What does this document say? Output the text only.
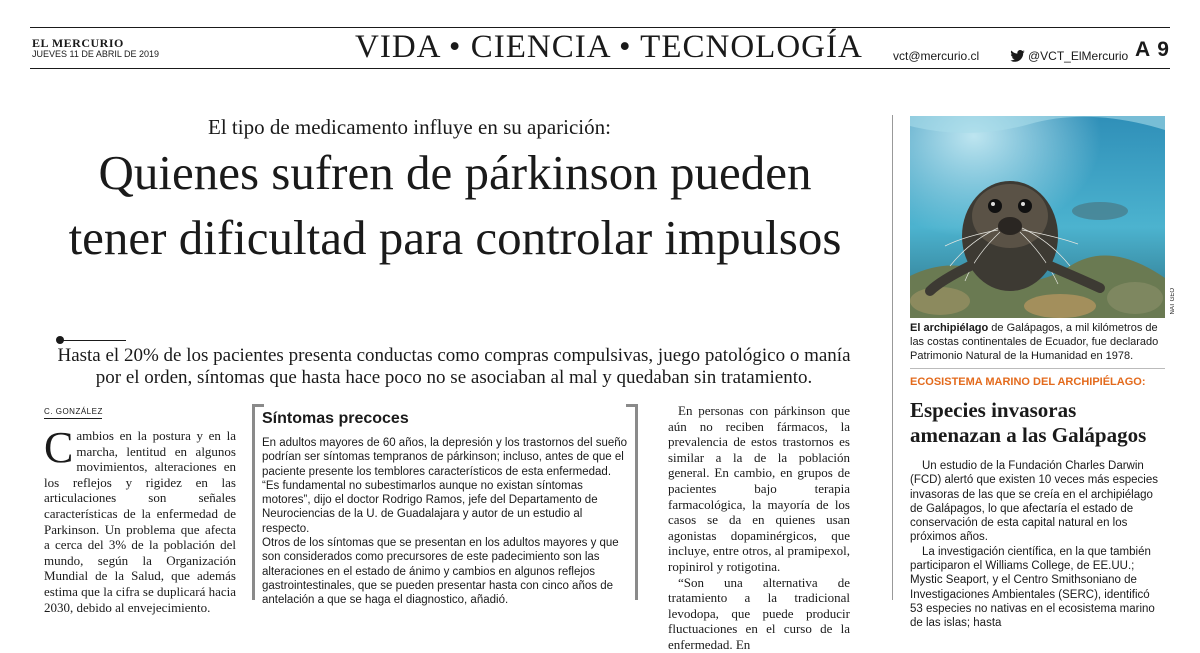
EL MERCURIO
JUEVES 11 DE ABRIL DE 2019	VIDA • CIENCIA • TECNOLOGÍA	vct@mercurio.cl	@VCT_ElMercurio A 9
El tipo de medicamento influye en su aparición:
Quienes sufren de párkinson pueden tener dificultad para controlar impulsos
Hasta el 20% de los pacientes presenta conductas como compras compulsivas, juego patológico o manía por el orden, síntomas que hasta hace poco no se asociaban al mal y quedaban sin tratamiento.
C. GONZÁLEZ
Cambios en la postura y en la marcha, lentitud en algunos movimientos, alteraciones en los reflejos y rigidez en las articulaciones son señales características de la enfermedad de Parkinson. Un problema que afecta a cerca del 3% de la población del mundo, según la Organización Mundial de la Salud, que además estima que la cifra se duplicará hacia 2030, debido al envejecimiento.
Síntomas precoces

En adultos mayores de 60 años, la depresión y los trastornos del sueño podrían ser síntomas tempranos de párkinson; incluso, antes de que el paciente presente los temblores característicos de esta enfermedad.

“Es fundamental no subestimarlos aunque no existan síntomas motores”, dijo el doctor Rodrigo Ramos, jefe del Departamento de Neurociencias de la U. de Guadalajara y autor de un estudio al respecto.

Otros de los síntomas que se presentan en los adultos mayores y que son considerados como precursores de este padecimiento son las alteraciones en el estado de ánimo y cambios en algunos reflejos gastrointestinales, que se pueden presentar hasta con cinco años de antelación a que se haga el diagnostico, añadió.

En personas con párkinson que aún no reciben fármacos, la prevalencia de estos trastornos es similar a la de la población general. En cambio, en grupos de pacientes bajo terapia farmacológica, la mayoría de los casos se da en quienes usan agonistas dopaminérgicos, que incluye, entre otros, al pramipexol, ropinirol y rotigotina.

“Son una alternativa de tratamiento a la tradicional levodopa, que puede producir fluctuaciones en el curso de la enfermedad. En

NAT GEO
El archipiélago de Galápagos, a mil kilómetros de las costas continentales de Ecuador, fue declarado Patrimonio Natural de la Humanidad en 1978.
ECOSISTEMA MARINO DEL ARCHIPIÉLAGO:
Especies invasoras amenazan a las Galápagos

Un estudio de la Fundación Charles Darwin (FCD) alertó que existen 10 veces más especies invasoras de las que se creía en el archipiélago de Galápagos, lo que afectaría el estado de conservación de esta capital natural en los próximos años.

La investigación científica, en la que también participaron el Williams College, de EE.UU.; Mystic Seaport, y el Centro Smithsoniano de Investigaciones Ambientales (SERC), identificó 53 especies no nativas en el ecosistema marino de las islas; hasta
